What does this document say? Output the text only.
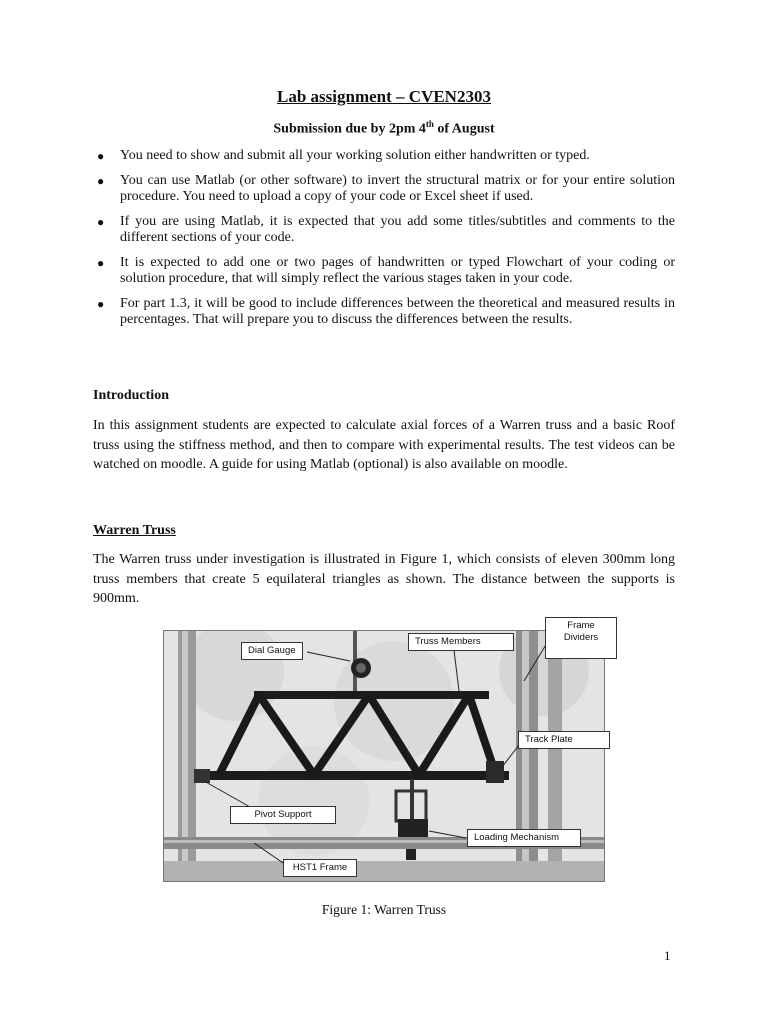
Lab assignment – CVEN2303
Submission due by 2pm 4th of August
● You need to show and submit all your working solution either handwritten or typed.
● You can use Matlab (or other software) to invert the structural matrix or for your entire solution procedure. You need to upload a copy of your code or Excel sheet if used.
● If you are using Matlab, it is expected that you add some titles/subtitles and comments to the different sections of your code.
● It is expected to add one or two pages of handwritten or typed Flowchart of your coding or solution procedure, that will simply reflect the various stages taken in your code.
● For part 1.3, it will be good to include differences between the theoretical and measured results in percentages. That will prepare you to discuss the differences between the results.
Introduction
In this assignment students are expected to calculate axial forces of a Warren truss and a basic Roof truss using the stiffness method, and then to compare with experimental results. The test videos can be watched on moodle. A guide for using Matlab (optional) is also available on moodle.
Warren Truss
The Warren truss under investigation is illustrated in Figure 1, which consists of eleven 300mm long truss members that create 5 equilateral triangles as shown. The distance between the supports is 900mm.
Dial Gauge
Truss Members
Frame
Dividers
Track Plate
Pivot Support
Loading Mechanism
HST1 Frame
Figure 1: Warren Truss
1
